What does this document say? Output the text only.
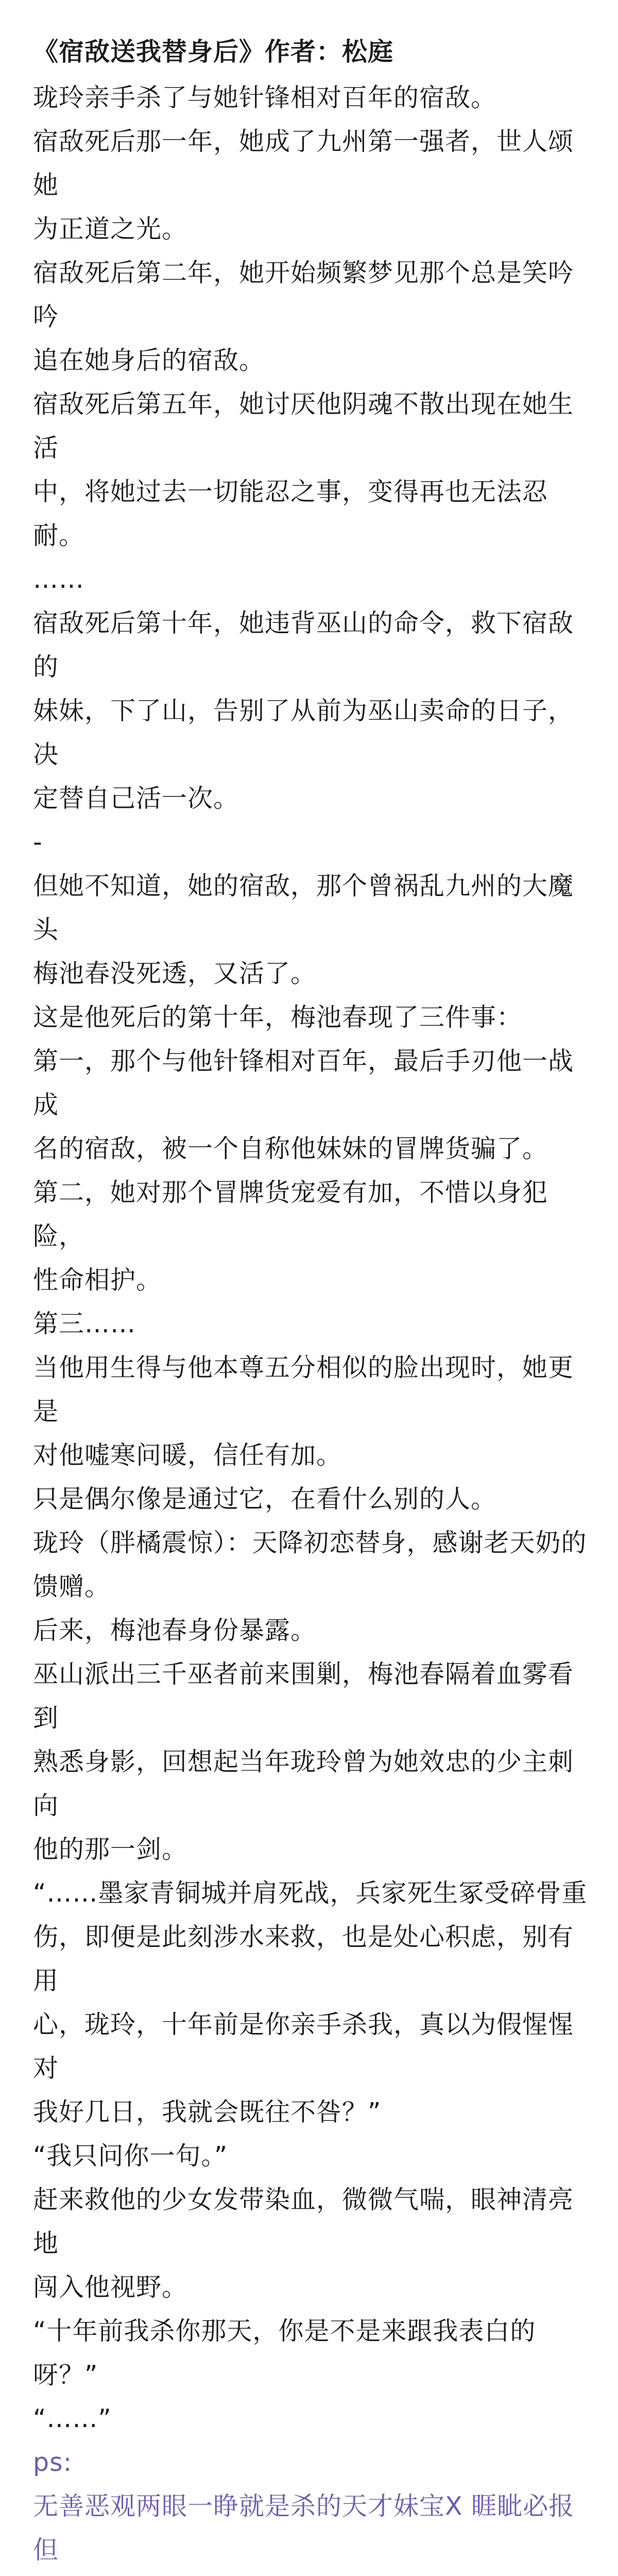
《宿敌送我替身后》作者：松庭

珑玲亲手杀了与她针锋相对百年的宿敌。

宿敌死后那一年，她成了九州第一强者，世人颂她

为正道之光。

宿敌死后第二年，她开始频繁梦见那个总是笑吟吟

追在她身后的宿敌。

宿敌死后第五年，她讨厌他阴魂不散出现在她生活

中，将她过去一切能忍之事，变得再也无法忍耐。

……

宿敌死后第十年，她违背巫山的命令，救下宿敌的

妹妹，下了山，告别了从前为巫山卖命的日子，决

定替自己活一次。

-

但她不知道，她的宿敌，那个曾祸乱九州的大魔头

梅池春没死透，又活了。

这是他死后的第十年，梅池春现了三件事：

第一，那个与他针锋相对百年，最后手刃他一战成

名的宿敌，被一个自称他妹妹的冒牌货骗了。

第二，她对那个冒牌货宠爱有加，不惜以身犯险，

性命相护。

第三……

当他用生得与他本尊五分相似的脸出现时，她更是

对他嘘寒问暖，信任有加。

只是偶尔像是通过它，在看什么别的人。

珑玲（胖橘震惊）：天降初恋替身，感谢老天奶的

馈赠。

后来，梅池春身份暴露。

巫山派出三千巫者前来围剿，梅池春隔着血雾看到

熟悉身影，回想起当年珑玲曾为她效忠的少主刺向

他的那一剑。

“……墨家青铜城并肩死战，兵家死生冢受碎骨重

伤，即便是此刻涉水来救，也是处心积虑，别有用

心，珑玲，十年前是你亲手杀我，真以为假惺惺对

我好几日，我就会既往不咎？”

“我只问你一句。”

赶来救他的少女发带染血，微微气喘，眼神清亮地

闯入他视野。

“十年前我杀你那天，你是不是来跟我表白的呀？”

“……”

ps:

无善恶观两眼一睁就是杀的天才妹宝X 睚眦必报但
